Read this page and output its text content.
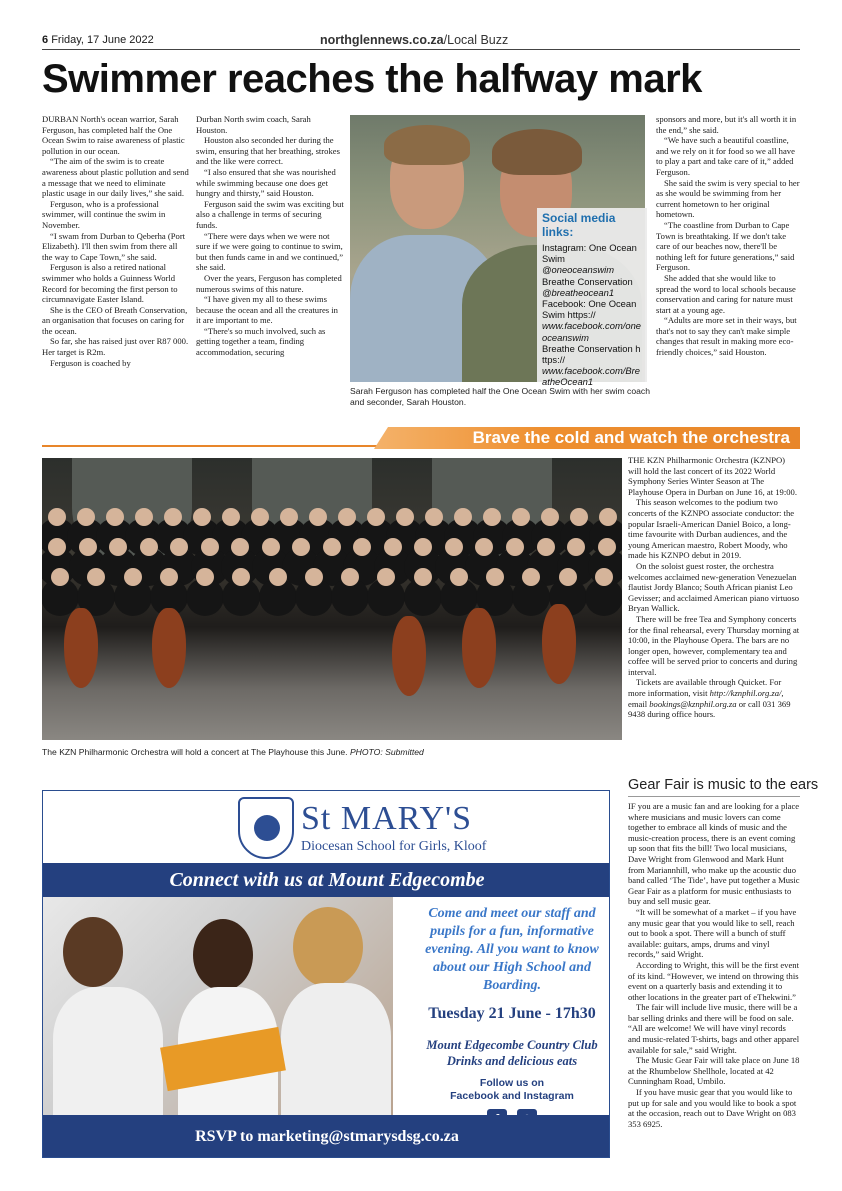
6 Friday, 17 June 2022	northglennews.co.za/Local Buzz
Swimmer reaches the halfway mark

DURBAN North's ocean warrior, Sarah Ferguson, has completed half the One Ocean Swim to raise awareness of plastic pollution in our ocean.

“The aim of the swim is to create awareness about plastic pollution and send a message that we need to eliminate plastic usage in our daily lives,” she said.

Ferguson, who is a professional swimmer, will continue the swim in November.

“I swam from Durban to Qeberha (Port Elizabeth). I'll then swim from there all the way to Cape Town,” she said.

Ferguson is also a retired national swimmer who holds a Guinness World Record for becoming the first person to circumnavigate Easter Island.

She is the CEO of Breath Conservation, an organisation that focuses on caring for the ocean.

So far, she has raised just over R87 000. Her target is R2m.

Ferguson is coached by

Durban North swim coach, Sarah Houston.

Houston also seconded her during the swim, ensuring that her breathing, strokes and the like were correct.

“I also ensured that she was nourished while swimming because one does get hungry and thirsty,” said Houston.

Ferguson said the swim was exciting but also a challenge in terms of securing funds.

“There were days when we were not sure if we were going to continue to swim, but then funds came in and we continued,” she said.

Over the years, Ferguson has completed numerous swims of this nature.

“I have given my all to these swims because the ocean and all the creatures in it are important to me.

“There's so much involved, such as getting together a team, finding accommodation, securing

sponsors and more, but it's all worth it in the end,” she said.

“We have such a beautiful coastline, and we rely on it for food so we all have to play a part and take care of it,” added Ferguson.

She said the swim is very special to her as she would be swimming from her current hometown to her original hometown.

“The coastline from Durban to Cape Town is breathtaking. If we don't take care of our beaches now, there'll be nothing left for future generations,” said Ferguson.

She added that she would like to spread the word to local schools because conservation and caring for nature must start at a young age.

“Adults are more set in their ways, but that's not to say they can't make simple changes that result in making more eco-friendly choices,” said Houston.

Social media links:
Instagram: One Ocean Swim
@oneoceanswim
Breathe Conservation
@breatheocean1
Facebook: One Ocean Swim https://
www.facebook.com/oneoceanswim
Breathe Conservation https://
www.facebook.com/BreatheOcean1
Sarah Ferguson has completed half the One Ocean Swim with her swim coach and seconder, Sarah Houston.
Brave the cold and watch the orchestra
The KZN Philharmonic Orchestra will hold a concert at The Playhouse this June. PHOTO: Submitted

THE KZN Philharmonic Orchestra (KZNPO) will hold the last concert of its 2022 World Symphony Series Winter Season at The Playhouse Opera in Durban on June 16, at 19:00.

This season welcomes to the podium two concerts of the KZNPO associate conductor: the popular Israeli-American Daniel Boico, a long-time favourite with Durban audiences, and the young American maestro, Robert Moody, who made his KZNPO debut in 2019.

On the soloist guest roster, the orchestra welcomes acclaimed new-generation Venezuelan flautist Jordy Blanco; South African pianist Leo Gevisser; and acclaimed American piano virtuoso Bryan Wallick.

There will be free Tea and Symphony concerts for the final rehearsal, every Thursday morning at 10:00, in the Playhouse Opera. The bars are no longer open, however, complementary tea and coffee will be served prior to concerts and during interval.

Tickets are available through Quicket. For more information, visit http://kznphil.org.za/, email bookings@kznphil.org.za or call 031 369 9438 during office hours.

St MARY'S
Diocesan School for Girls, Kloof
Connect with us at Mount Edgecombe
Come and meet our staff and pupils for a fun, informative evening. All you want to know about our High School and Boarding.
Tuesday 21 June - 17h30
Mount Edgecombe Country Club
Drinks and delicious eats
Follow us on
Facebook and Instagram
RSVP to marketing@stmarysdsg.co.za
Gear Fair is music to the ears

IF you are a music fan and are looking for a place where musicians and music lovers can come together to embrace all kinds of music and the music-creation process, there is an event coming up soon that fits the bill! Two local musicians, Dave Wright from Glenwood and Mark Hunt from Mariannhill, who make up the acoustic duo band called ‘The Tide’, have put together a Music Gear Fair as a platform for music enthusiasts to buy and sell music gear.

“It will be somewhat of a market – if you have any music gear that you would like to sell, reach out to book a spot. There will a bunch of stuff available: guitars, amps, drums and vinyl records,” said Wright.

According to Wright, this will be the first event of its kind. “However, we intend on throwing this event on a quarterly basis and extending it to other locations in the greater part of eThekwini.”

The fair will include live music, there will be a bar selling drinks and there will be food on sale. “All are welcome! We will have vinyl records and music-related T-shirts, bags and other apparel available for sale,” said Wright.

The Music Gear Fair will take place on June 18 at the Rhumbelow Shellhole, located at 42 Cunningham Road, Umbilo.

If you have music gear that you would like to put up for sale and you would like to book a spot at the occasion, reach out to Dave Wright on 083 353 6925.
